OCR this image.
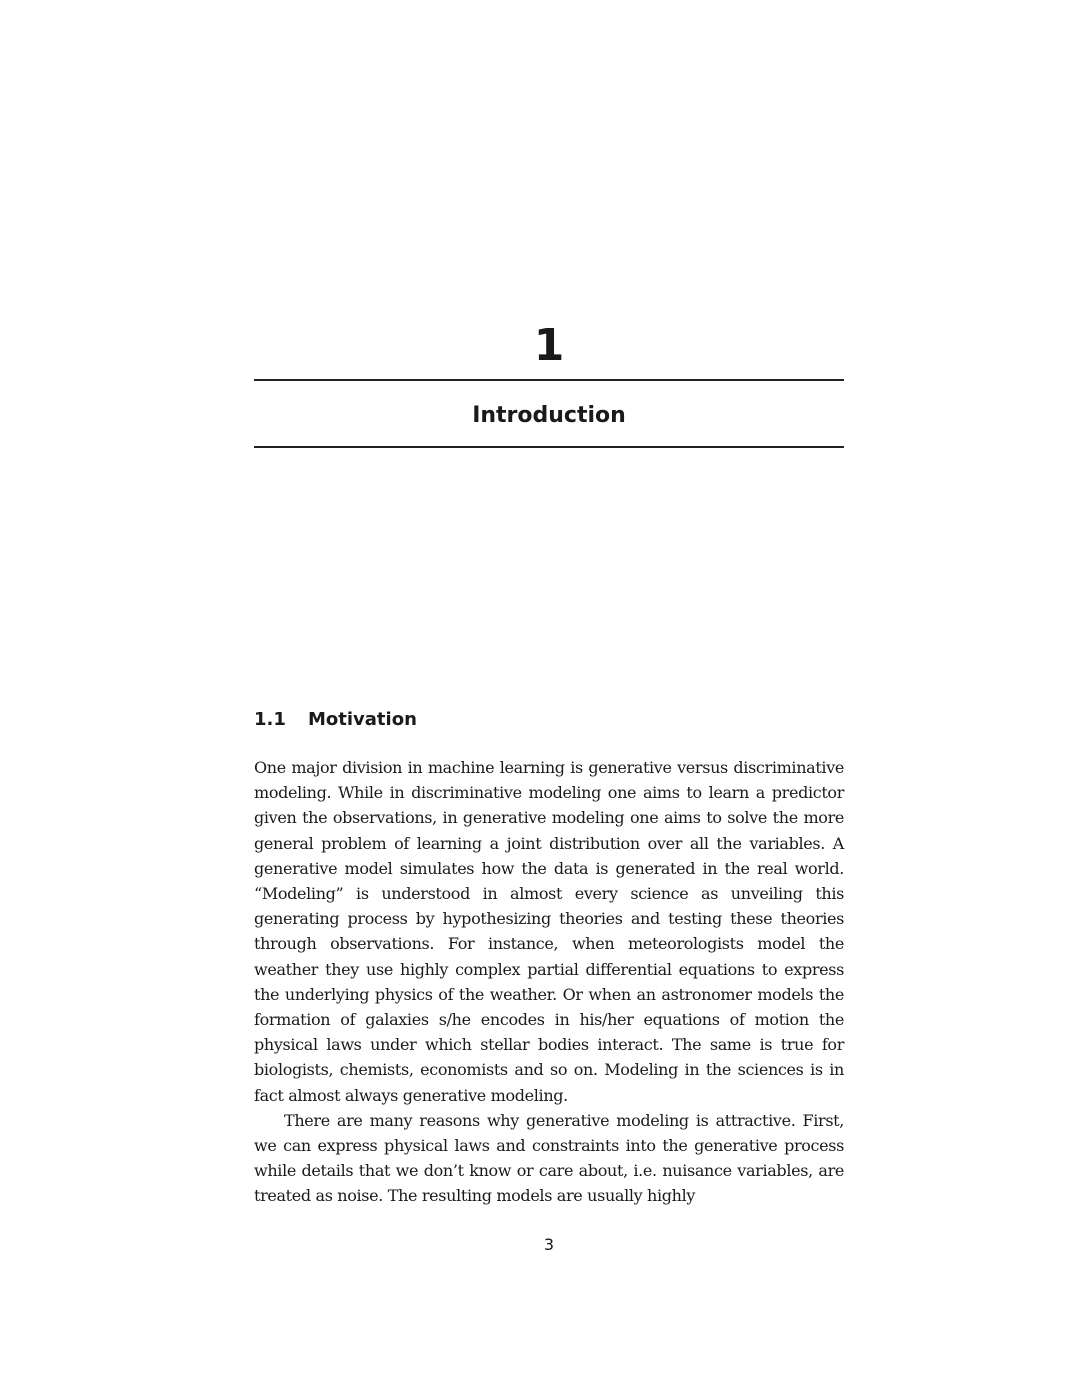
1
Introduction
1.1 Motivation

One major division in machine learning is generative versus discriminative modeling. While in discriminative modeling one aims to learn a predictor given the observations, in generative modeling one aims to solve the more general problem of learning a joint distribution over all the variables. A generative model simulates how the data is generated in the real world. “Modeling” is understood in almost every science as unveiling this generating process by hypothesizing theories and testing these theories through observations. For instance, when meteorologists model the weather they use highly complex partial differential equations to express the underlying physics of the weather. Or when an astronomer models the formation of galaxies s/he encodes in his/her equations of motion the physical laws under which stellar bodies interact. The same is true for biologists, chemists, economists and so on. Modeling in the sciences is in fact almost always generative modeling.

There are many reasons why generative modeling is attractive. First, we can express physical laws and constraints into the generative process while details that we don’t know or care about, i.e. nuisance variables, are treated as noise. The resulting models are usually highly

3
